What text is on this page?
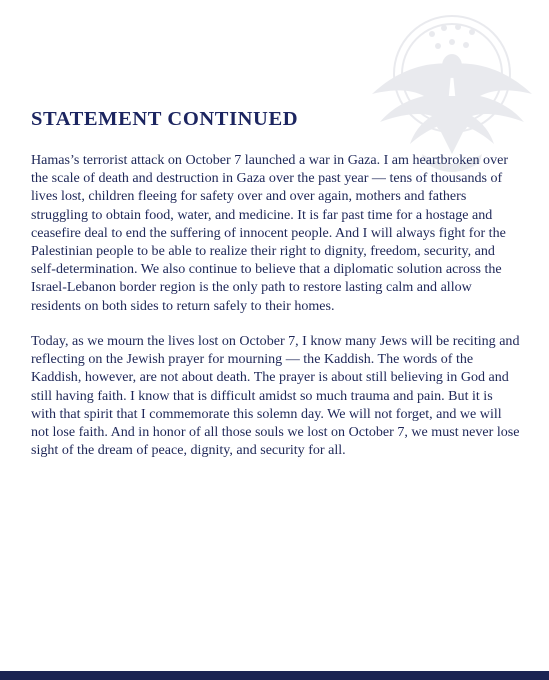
STATEMENT CONTINUED

Hamas’s terrorist attack on October 7 launched a war in Gaza. I am heartbroken over the scale of death and destruction in Gaza over the past year — tens of thousands of lives lost, children fleeing for safety over and over again, mothers and fathers struggling to obtain food, water, and medicine. It is far past time for a hostage and ceasefire deal to end the suffering of innocent people. And I will always fight for the Palestinian people to be able to realize their right to dignity, freedom, security, and self-determination. We also continue to believe that a diplomatic solution across the Israel-Lebanon border region is the only path to restore lasting calm and allow residents on both sides to return safely to their homes.

Today, as we mourn the lives lost on October 7, I know many Jews will be reciting and reflecting on the Jewish prayer for mourning — the Kaddish. The words of the Kaddish, however, are not about death. The prayer is about still believing in God and still having faith. I know that is difficult amidst so much trauma and pain. But it is with that spirit that I commemorate this solemn day. We will not forget, and we will not lose faith. And in honor of all those souls we lost on October 7, we must never lose sight of the dream of peace, dignity, and security for all.
